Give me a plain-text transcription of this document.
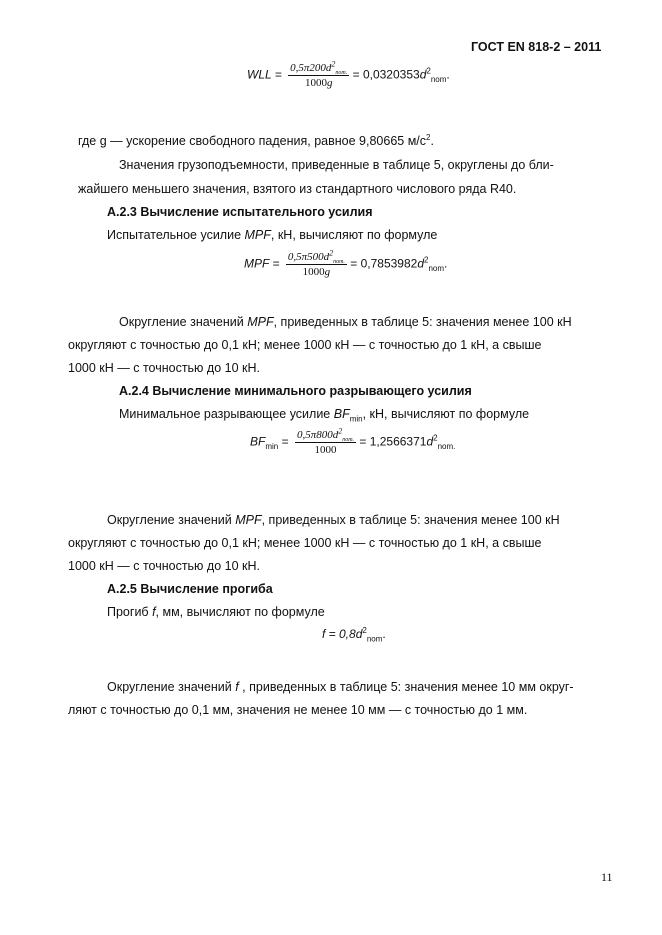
ГОСТ EN 818-2 – 2011
WLL = $\frac{0,5\pi 200d^2_{nom.}}{1000g} = 0,0320353d^2_{nom}$.
где g — ускорение свободного падения, равное 9,80665 $м/с^2$.
Значения грузоподъемности, приведенные в таблице 5, округлены до бли-
жайшего меньшего значения, взятого из стандартного числового ряда R40.
А.2.3 Вычисление испытательного усилия
Испытательное усилие MPF, кН, вычисляют по формуле
MPF = $\frac{0,5\pi 500d^2_{nom.}}{1000g} = 0,7853982d^2_{nom}$.
Округление значений MPF, приведенных в таблице 5: значения менее 100 кН
округляют с точностью до 0,1 кН; менее 1000 кН — с точностью до 1 кН, а свыше
1000 кН — с точностью до 10 кН.
А.2.4 Вычисление минимального разрывающего усилия
Минимальное разрывающее усилие $BF_{min}$, кН, вычисляют по формуле
$BF_{min} = \frac{0,5\pi 800d^2_{nom.}}{1000} = 1,2566371d^2_{nom.}$
Округление значений MPF, приведенных в таблице 5: значения менее 100 кН
округляют с точностью до 0,1 кН; менее 1000 кН — с точностью до 1 кН, а свыше
1000 кН — с точностью до 10 кН.
А.2.5 Вычисление прогиба
Прогиб f, мм, вычисляют по формуле
$f = 0,8d^2_{nom}$.
Округление значений f , приведенных в таблице 5: значения менее 10 мм округ-
ляют с точностью до 0,1 мм, значения не менее 10 мм — с точностью до 1 мм.
11
